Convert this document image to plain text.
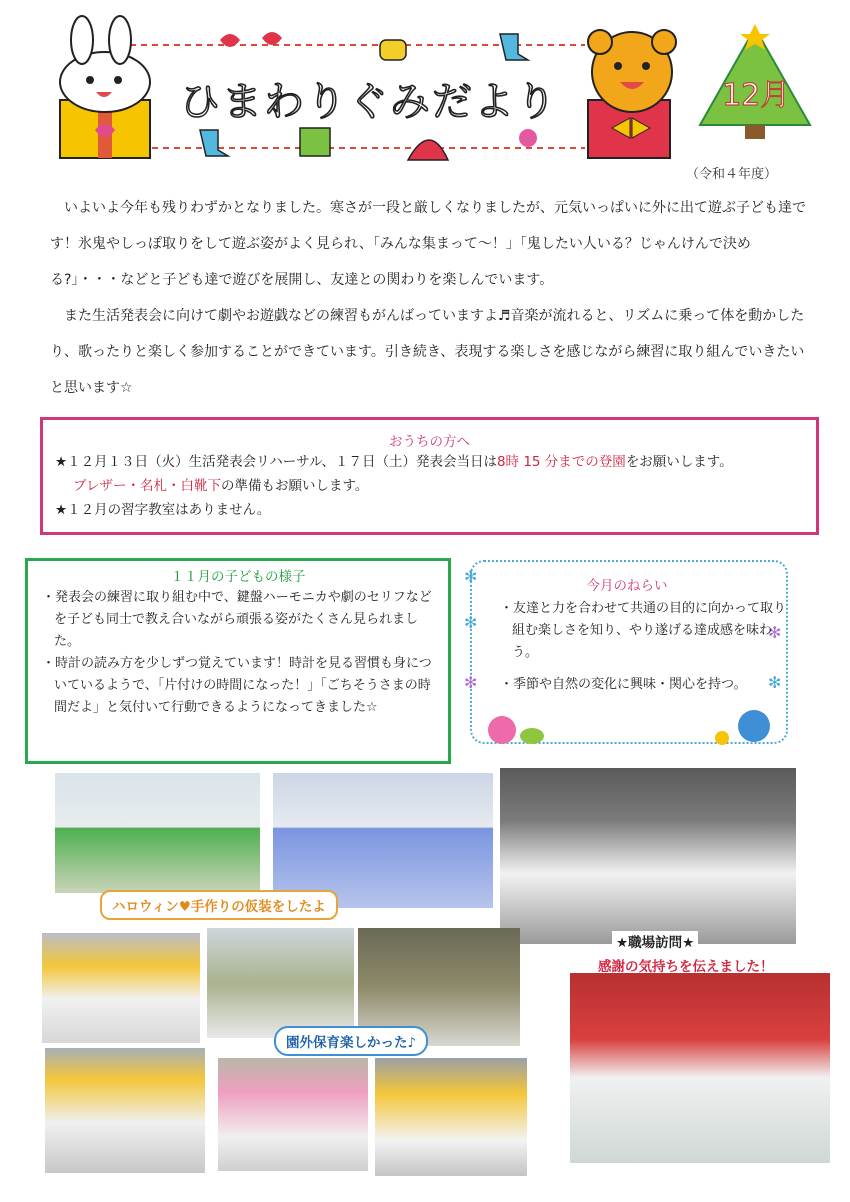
ひまわりぐみだより	12月
（令和４年度）

いよいよ今年も残りわずかとなりました。寒さが一段と厳しくなりましたが、元気いっぱいに外に出て遊ぶ子ども達です！氷鬼やしっぽ取りをして遊ぶ姿がよく見られ、「みんな集まって〜！」「鬼したい人いる？じゃんけんで決める?」・・・などと子ども達で遊びを展開し、友達との関わりを楽しんでいます。

また生活発表会に向けて劇やお遊戯などの練習もがんばっていますよ♬音楽が流れると、リズムに乗って体を動かしたり、歌ったりと楽しく参加することができています。引き続き、表現する楽しさを感じながら練習に取り組んでいきたいと思います☆

おうちの方へ
★１２月１３日（火）生活発表会リハーサル、１７日（土）発表会当日は8時 15 分までの登園をお願いします。
ブレザー・名札・白靴下の準備もお願いします。
★１２月の習字教室はありません。
１１月の子どもの様子
・発表会の練習に取り組む中で、鍵盤ハーモニカや劇のセリフなどを子ども同士で教え合いながら頑張る姿がたくさん見られました。
・時計の読み方を少しずつ覚えています！時計を見る習慣も身についているようで、「片付けの時間になった！」「ごちそうさまの時間だよ」と気付いて行動できるようになってきました☆
✻
✻
✻
✻
✻
今月のねらい
・友達と力を合わせて共通の目的に向かって取り組む楽しさを知り、やり遂げる達成感を味わう。
・季節や自然の変化に興味・関心を持つ。
ハロウィン♥手作りの仮装をしたよ
★職場訪問★
感謝の気持ちを伝えました！
園外保育楽しかった♪
